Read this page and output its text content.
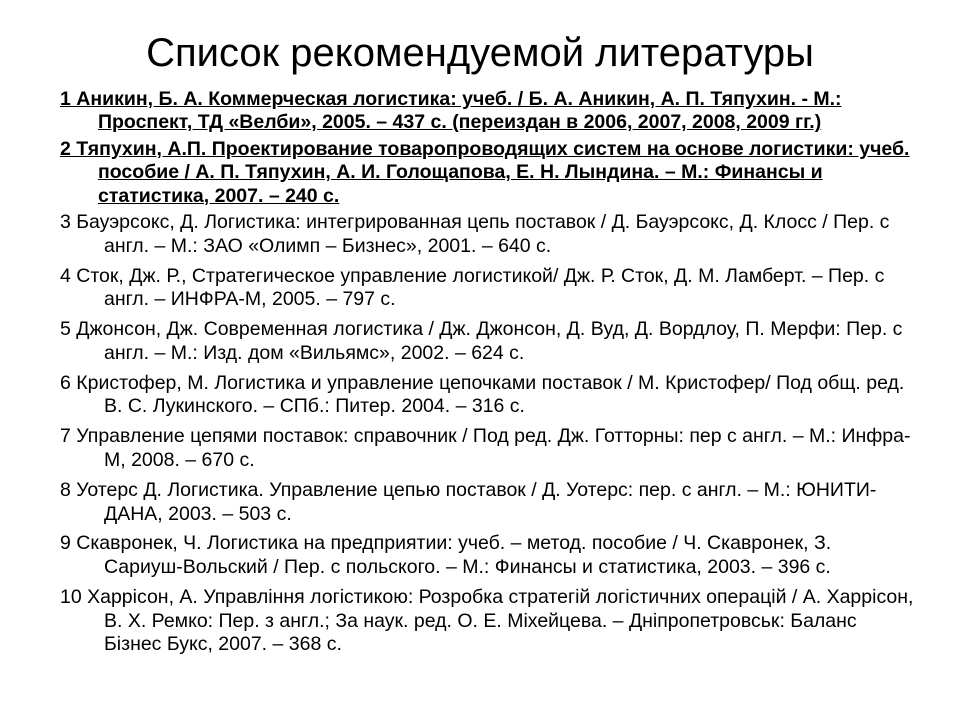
Список рекомендуемой литературы
1 Аникин, Б. А. Коммерческая логистика: учеб. / Б. А. Аникин, А. П. Тяпухин. - М.: Проспект, ТД «Велби», 2005. – 437 с. (переиздан в 2006, 2007, 2008, 2009 гг.)
2 Тяпухин, А.П. Проектирование товаропроводящих систем на основе логистики: учеб. пособие / А. П. Тяпухин, А. И. Голощапова, Е. Н. Лындина. – М.: Финансы и статистика, 2007. – 240 с.
3 Бауэрсокс, Д. Логистика: интегрированная цепь поставок / Д. Бауэрсокс, Д. Клосс / Пер. с англ. – М.: ЗАО «Олимп – Бизнес», 2001. – 640 с.
4 Сток, Дж. Р., Стратегическое управление логистикой/ Дж. Р. Сток, Д. М. Ламберт. – Пер. с англ. – ИНФРА-М, 2005. – 797 с.
5 Джонсон, Дж. Современная логистика / Дж. Джонсон, Д. Вуд, Д. Вордлоу, П. Мерфи: Пер. с англ. – М.: Изд. дом «Вильямс», 2002. – 624 с.
6 Кристофер, М. Логистика и управление цепочками поставок / М. Кристофер/ Под общ. ред. В. С. Лукинского. – СПб.: Питер. 2004. – 316 с.
7 Управление цепями поставок: справочник / Под ред. Дж. Готторны: пер с англ. – М.: Инфра-М, 2008. – 670 с.
8 Уотерс Д. Логистика. Управление цепью поставок / Д. Уотерс: пер. с англ. – М.: ЮНИТИ-ДАНА, 2003. – 503 с.
9 Скавронек, Ч. Логистика на предприятии: учеб. – метод. пособие / Ч. Скавронек, З. Сариуш-Вольский / Пер. с польского. – М.: Финансы и статистика, 2003. – 396 с.
10 Харрісон, А. Управління логістикою: Розробка стратегій логістичних операцій / А. Харрісон, В. Х. Ремко: Пер. з англ.; За наук. ред. О. Е. Міхейцева. – Дніпропетровськ: Баланс Бізнес Букс, 2007. – 368 с.
